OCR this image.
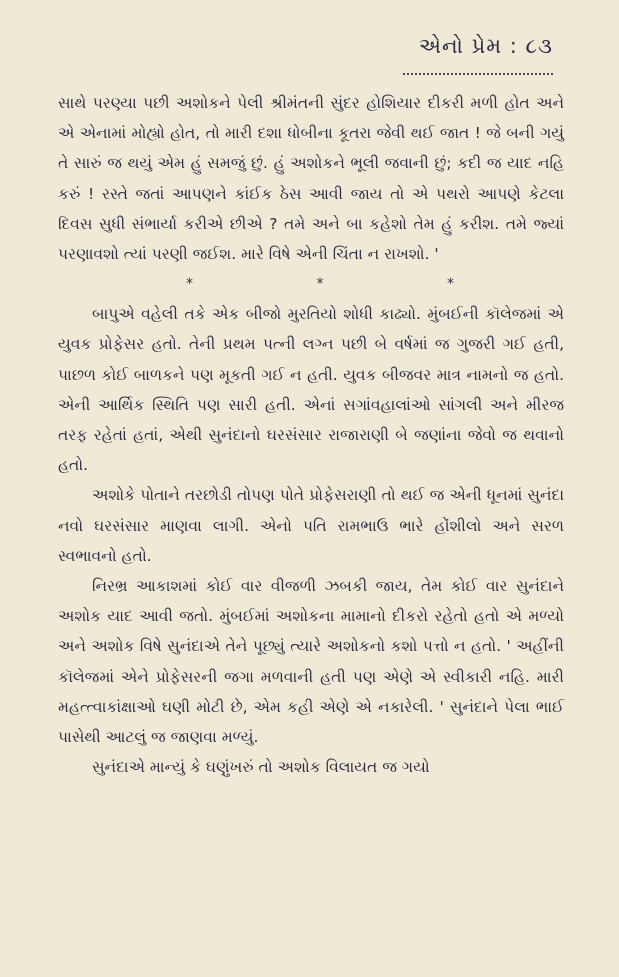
એનો પ્રેમ : ૮૩

સાથે પરણ્યા પછી અશોકને પેલી શ્રીમંતની સુંદર હોશિયાર દીકરી મળી હોત અને એ એનામાં મોહ્યો હોત, તો મારી દશા ધોબીના કૂતરા જેવી થઈ જાત ! જે બની ગયું તે સારું જ થયું એમ હું સમજું છું. હું અશોકને ભૂલી જવાની છું; કદી જ યાદ નહિ કરું ! રસ્તે જતાં આપણને કાંઈક ઠેસ આવી જાય તો એ પથરો આપણે કેટલા દિવસ સુધી સંભાર્યા કરીએ છીએ ? તમે અને બા કહેશો તેમ હું કરીશ. તમે જ્યાં પરણાવશો ત્યાં પરણી જઈશ. મારે વિષે એની ચિંતા ન રાખશો. '

*	*	*

બાપુએ વહેલી તકે એક બીજો મુરતિયો શોધી કાઢ્યો. મુંબઈની કૉલેજમાં એ યુવક પ્રોફેસર હતો. તેની પ્રથમ પત્ની લગ્ન પછી બે વર્ષમાં જ ગુજરી ગઈ હતી, પાછળ કોઈ બાળકને પણ મૂકતી ગઈ ન હતી. યુવક બીજવર માત્ર નામનો જ હતો. એની આર્થિક સ્થિતિ પણ સારી હતી. એનાં સગાંવહાલાંઓ સાંગલી અને મીરજ તરફ રહેતાં હતાં, એથી સુનંદાનો ઘરસંસાર રાજારાણી બે જણાંના જેવો જ થવાનો હતો.

અશોકે પોતાને તરછોડી તોપણ પોતે પ્રોફેસરાણી તો થઈ જ એની ધૂનમાં સુનંદા નવો ઘરસંસાર માણવા લાગી. એનો પતિ રામભાઉ ભારે હોંશીલો અને સરળ સ્વભાવનો હતો.

નિરભ્ર આકાશમાં કોઈ વાર વીજળી ઝબકી જાય, તેમ કોઈ વાર સુનંદાને અશોક યાદ આવી જતો. મુંબઈમાં અશોકના મામાનો દીકરો રહેતો હતો એ મળ્યો અને અશોક વિષે સુનંદાએ તેને પૂછ્યું ત્યારે અશોકનો કશો પત્તો ન હતો. ' અહીંની કૉલેજમાં એને પ્રોફેસરની જગા મળવાની હતી પણ એણે એ સ્વીકારી નહિ. મારી મહત્ત્વાકાંક્ષાઓ ઘણી મોટી છે, એમ કહી એણે એ નકારેલી. ' સુનંદાને પેલા ભાઈ પાસેથી આટલું જ જાણવા મળ્યું.

સુનંદાએ માન્યું કે ઘણુંખરું તો અશોક વિલાયત જ ગયો
